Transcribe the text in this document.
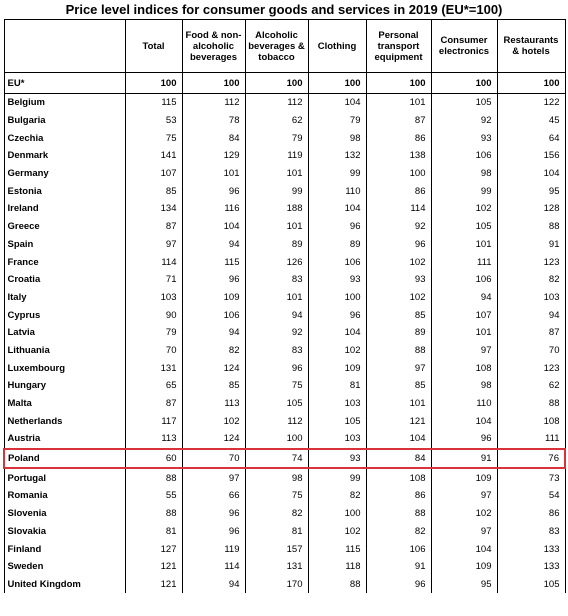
Price level indices for consumer goods and services in 2019 (EU*=100)
	Total	Food & non-alcoholic beverages	Alcoholic beverages & tobacco	Clothing	Personal transport equipment	Consumer electronics	Restaurants & hotels
EU*	100	100	100	100	100	100	100
Belgium	115	112	112	104	101	105	122
Bulgaria	53	78	62	79	87	92	45
Czechia	75	84	79	98	86	93	64
Denmark	141	129	119	132	138	106	156
Germany	107	101	101	99	100	98	104
Estonia	85	96	99	110	86	99	95
Ireland	134	116	188	104	114	102	128
Greece	87	104	101	96	92	105	88
Spain	97	94	89	89	96	101	91
France	114	115	126	106	102	111	123
Croatia	71	96	83	93	93	106	82
Italy	103	109	101	100	102	94	103
Cyprus	90	106	94	96	85	107	94
Latvia	79	94	92	104	89	101	87
Lithuania	70	82	83	102	88	97	70
Luxembourg	131	124	96	109	97	108	123
Hungary	65	85	75	81	85	98	62
Malta	87	113	105	103	101	110	88
Netherlands	117	102	112	105	121	104	108
Austria	113	124	100	103	104	96	111
Poland	60	70	74	93	84	91	76
Portugal	88	97	98	99	108	109	73
Romania	55	66	75	82	86	97	54
Slovenia	88	96	82	100	88	102	86
Slovakia	81	96	81	102	82	97	83
Finland	127	119	157	115	106	104	133
Sweden	121	114	131	118	91	109	133
United Kingdom	121	94	170	88	96	95	105
